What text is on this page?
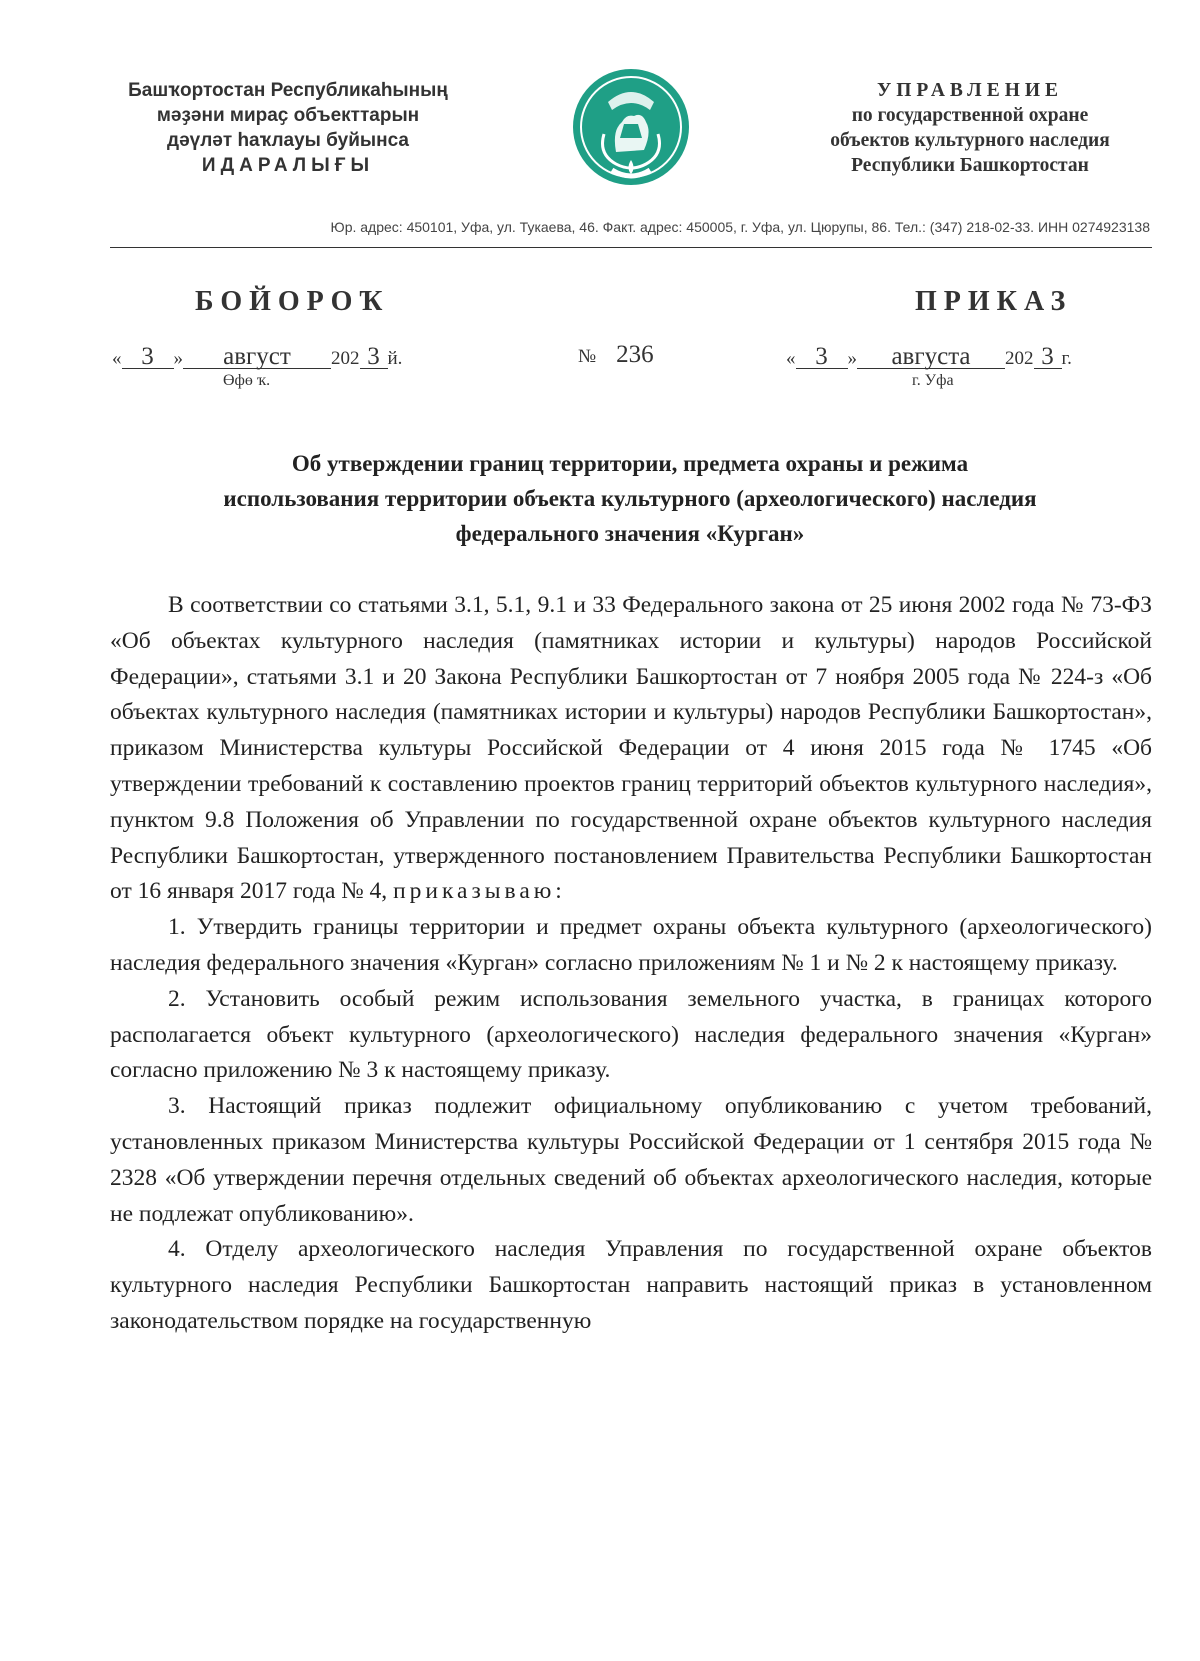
Башҡортостан Республикаһының
мәҙәни мираҫ объекттарын
дәүләт һаҡлауы буйынса
ИДАРАЛЫҒЫ
УПРАВЛЕНИЕ
по государственной охране
объектов культурного наследия
Республики Башкортостан
Юр. адрес: 450101, Уфа, ул. Тукаева, 46. Факт. адрес: 450005, г. Уфа, ул. Цюрупы, 86. Тел.: (347) 218-02-33. ИНН 0274923138
БОЙОРОҠ	ПРИКАЗ
« 3 » август 202 3 й.
Өфө ҡ.
№ 236	« 3 » августа 202 3 г.
г. Уфа
Об утверждении границ территории, предмета охраны и режима
использования территории объекта культурного (археологического) наследия
федерального значения «Курган»

В соответствии со статьями 3.1, 5.1, 9.1 и 33 Федерального закона от 25 июня 2002 года № 73-ФЗ «Об объектах культурного наследия (памятниках истории и культуры) народов Российской Федерации», статьями 3.1 и 20 Закона Республики Башкортостан от 7 ноября 2005 года № 224-з «Об объектах культурного наследия (памятниках истории и культуры) народов Республики Башкортостан», приказом Министерства культуры Российской Федерации от 4 июня 2015 года № 1745 «Об утверждении требований к составлению проектов границ территорий объектов культурного наследия», пунктом 9.8 Положения об Управлении по государственной охране объектов культурного наследия Республики Башкортостан, утвержденного постановлением Правительства Республики Башкортостан от 16 января 2017 года № 4, приказываю:

1. Утвердить границы территории и предмет охраны объекта культурного (археологического) наследия федерального значения «Курган» согласно приложениям № 1 и № 2 к настоящему приказу.

2. Установить особый режим использования земельного участка, в границах которого располагается объект культурного (археологического) наследия федерального значения «Курган» согласно приложению № 3 к настоящему приказу.

3. Настоящий приказ подлежит официальному опубликованию с учетом требований, установленных приказом Министерства культуры Российской Федерации от 1 сентября 2015 года № 2328 «Об утверждении перечня отдельных сведений об объектах археологического наследия, которые не подлежат опубликованию».

4. Отделу археологического наследия Управления по государственной охране объектов культурного наследия Республики Башкортостан направить настоящий приказ в установленном законодательством порядке на государственную
